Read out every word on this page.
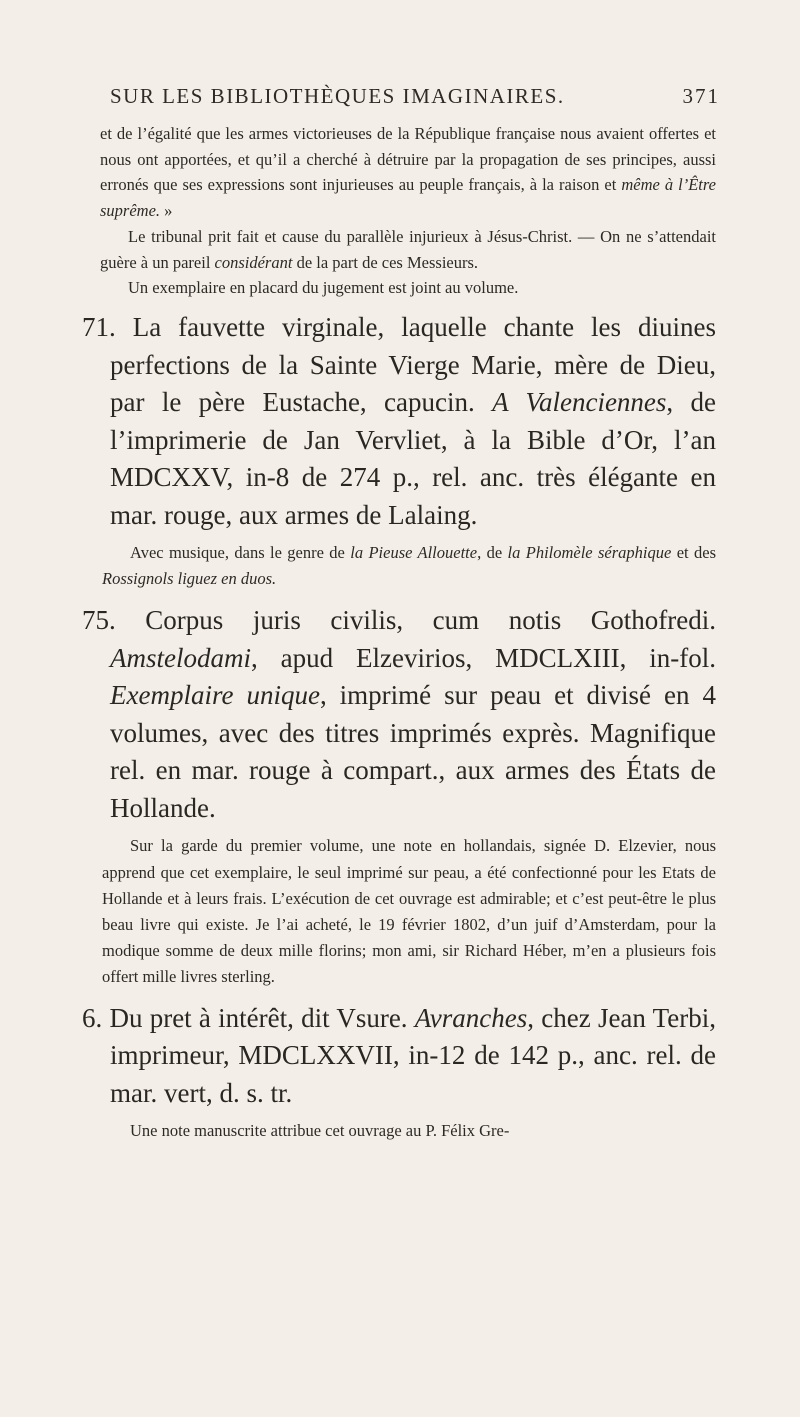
SUR LES BIBLIOTHÈQUES IMAGINAIRES.	371

et de l’égalité que les armes victorieuses de la République française nous avaient offertes et nous ont apportées, et qu’il a cherché à détruire par la propagation de ses principes, aussi erronés que ses expressions sont injurieuses au peuple français, à la raison et même à l’Être suprême. »

Le tribunal prit fait et cause du parallèle injurieux à Jésus-Christ. — On ne s’attendait guère à un pareil considérant de la part de ces Messieurs.

Un exemplaire en placard du jugement est joint au volume.

71. La fauvette virginale, laquelle chante les diuines perfections de la Sainte Vierge Marie, mère de Dieu, par le père Eustache, capucin. A Valenciennes, de l’imprimerie de Jan Vervliet, à la Bible d’Or, l’an MDCXXV, in-8 de 274 p., rel. anc. très élégante en mar. rouge, aux armes de Lalaing.

Avec musique, dans le genre de la Pieuse Allouette, de la Philomèle séraphique et des Rossignols liguez en duos.

75. Corpus juris civilis, cum notis Gothofredi. Amstelodami, apud Elzevirios, MDCLXIII, in-fol. Exemplaire unique, imprimé sur peau et divisé en 4 volumes, avec des titres imprimés exprès. Magnifique rel. en mar. rouge à compart., aux armes des États de Hollande.

Sur la garde du premier volume, une note en hollandais, signée D. Elzevier, nous apprend que cet exemplaire, le seul imprimé sur peau, a été confectionné pour les Etats de Hollande et à leurs frais. L’exécution de cet ouvrage est admirable; et c’est peut-être le plus beau livre qui existe. Je l’ai acheté, le 19 février 1802, d’un juif d’Amsterdam, pour la modique somme de deux mille florins; mon ami, sir Richard Héber, m’en a plusieurs fois offert mille livres sterling.

6. Du pret à intérêt, dit Vsure. Avranches, chez Jean Terbi, imprimeur, MDCLXXVII, in-12 de 142 p., anc. rel. de mar. vert, d. s. tr.

Une note manuscrite attribue cet ouvrage au P. Félix Gre-
